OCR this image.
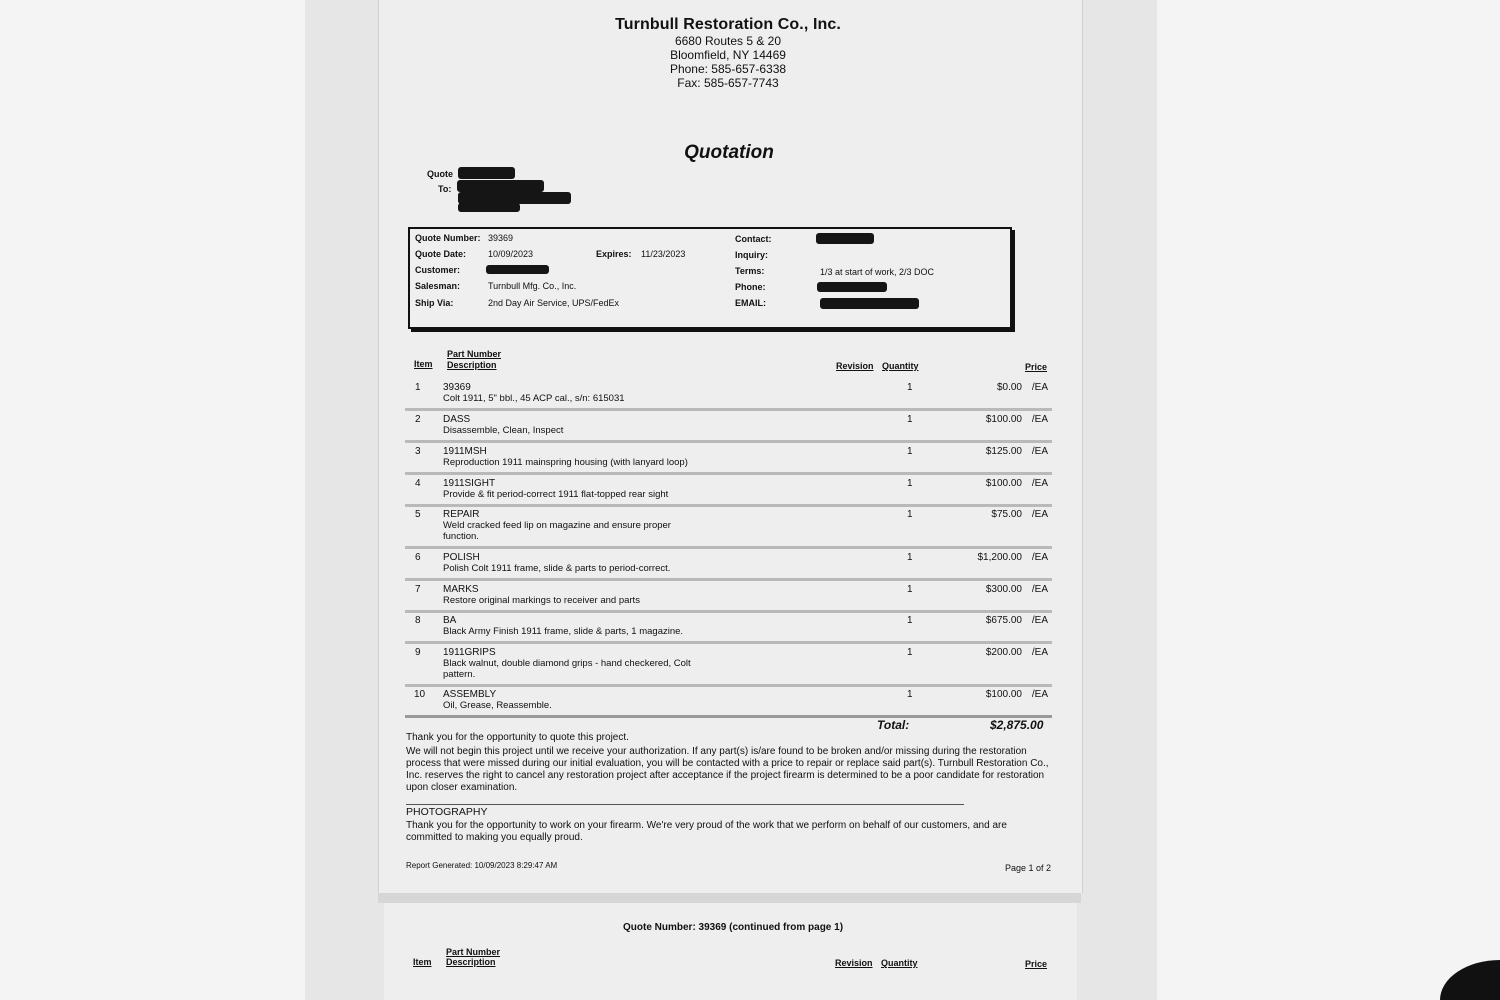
Turnbull Restoration Co., Inc.
6680 Routes 5 & 20
Bloomfield, NY 14469
Phone: 585-657-6338
Fax: 585-657-7743
Quotation
Quote
To:
Quote Number: 39369
Quote Date: 10/09/2023	Expires: 11/23/2023
Customer:
Salesman:	Turnbull Mfg. Co., Inc.
Ship Via:	2nd Day Air Service, UPS/FedEx
Contact:
Inquiry:
Terms:	1/3 at start of work, 2/3 DOC
Phone:
EMAIL:
Item
Part Number
Description	Revision Quantity	Price
1 39369
Colt 1911, 5" bbl., 45 ACP cal., s/n: 615031
1	$0.00 /EA
2 DASS
Disassemble, Clean, Inspect
1	$100.00 /EA
3 1911MSH
Reproduction 1911 mainspring housing (with lanyard loop)
1	$125.00 /EA
4 1911SIGHT
Provide & fit period-correct 1911 flat-topped rear sight
1	$100.00 /EA
5 REPAIR
Weld cracked feed lip on magazine and ensure proper function.
1	$75.00 /EA
6 POLISH
Polish Colt 1911 frame, slide & parts to period-correct.
1	$1,200.00 /EA
7 MARKS
Restore original markings to receiver and parts
1	$300.00 /EA
8 BA
Black Army Finish 1911 frame, slide & parts, 1 magazine.
1	$675.00 /EA
9 1911GRIPS
Black walnut, double diamond grips - hand checkered, Colt pattern.
1	$200.00 /EA
10 ASSEMBLY
Oil, Grease, Reassemble.
1	$100.00 /EA
Total:	$2,875.00
Thank you for the opportunity to quote this project.
We will not begin this project until we receive your authorization. If any part(s) is/are found to be broken and/or missing during the restoration process that were missed during our initial evaluation, you will be contacted with a price to repair or replace said part(s). Turnbull Restoration Co., Inc. reserves the right to cancel any restoration project after acceptance if the project firearm is determined to be a poor candidate for restoration upon closer examination.
PHOTOGRAPHY
Thank you for the opportunity to work on your firearm. We're very proud of the work that we perform on behalf of our customers, and are committed to making you equally proud.
Report Generated: 10/09/2023 8:29:47 AM	Page 1 of 2
Quote Number: 39369 (continued from page 1)
Item
Part Number
Description	Revision Quantity	Price
